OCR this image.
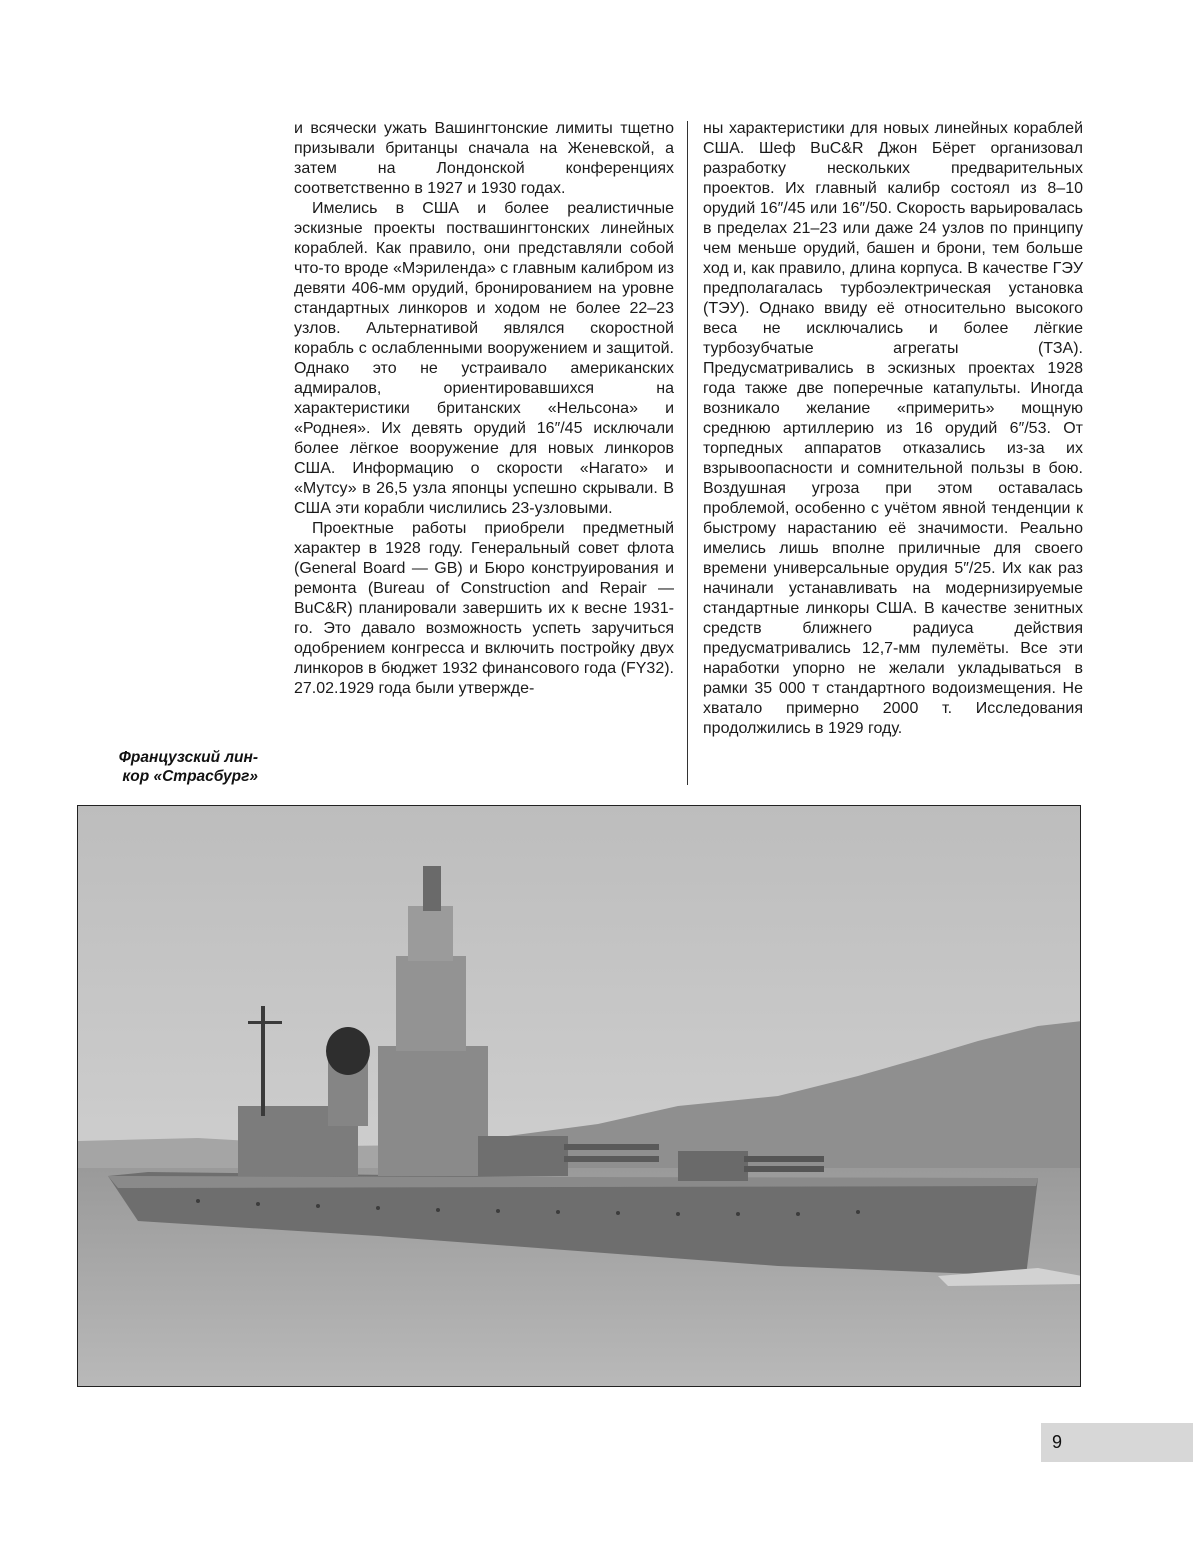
Французский лин-
кор «Страсбург»

и всячески ужать Вашингтонские лимиты тщетно призывали британцы сначала на Женевской, а затем на Лондонской конференциях соответственно в 1927 и 1930 годах.

Имелись в США и более реалистичные эскизные проекты поствашингтонских линейных кораблей. Как правило, они представляли собой что-то вроде «Мэриленда» с главным калибром из девяти 406-мм орудий, бронированием на уровне стандартных линкоров и ходом не более 22–23 узлов. Альтернативой являлся скоростной корабль с ослабленными вооружением и защитой. Однако это не устраивало американских адмиралов, ориентировавшихся на характеристики британских «Нельсона» и «Роднея». Их девять орудий 16″/45 исключали более лёгкое вооружение для новых линкоров США. Информацию о скорости «Нагато» и «Мутсу» в 26,5 узла японцы успешно скрывали. В США эти корабли числились 23-узловыми.

Проектные работы приобрели предметный характер в 1928 году. Генеральный совет флота (General Board — GB) и Бюро конструирования и ремонта (Bureau of Construction and Repair — BuC&R) планировали завершить их к весне 1931-го. Это давало возможность успеть заручиться одобрением конгресса и включить постройку двух линкоров в бюджет 1932 финансового года (FY32). 27.02.1929 года были утвержде-

ны характеристики для новых линейных кораблей США. Шеф BuC&R Джон Бёрет организовал разработку нескольких предварительных проектов. Их главный калибр состоял из 8–10 орудий 16″/45 или 16″/50. Скорость варьировалась в пределах 21–23 или даже 24 узлов по принципу чем меньше орудий, башен и брони, тем больше ход и, как правило, длина корпуса. В качестве ГЭУ предполагалась турбоэлектрическая установка (ТЭУ). Однако ввиду её относительно высокого веса не исключались и более лёгкие турбозубчатые агрегаты (ТЗА). Предусматривались в эскизных проектах 1928 года также две поперечные катапульты. Иногда возникало желание «примерить» мощную среднюю артиллерию из 16 орудий 6″/53. От торпедных аппаратов отказались из-за их взрывоопасности и сомнительной пользы в бою. Воздушная угроза при этом оставалась проблемой, особенно с учётом явной тенденции к быстрому нарастанию её значимости. Реально имелись лишь вполне приличные для своего времени универсальные орудия 5″/25. Их как раз начинали устанавливать на модернизируемые стандартные линкоры США. В качестве зенитных средств ближнего радиуса действия предусматривались 12,7-мм пулемёты. Все эти наработки упорно не желали укладываться в рамки 35 000 т стандартного водоизмещения. Не хватало примерно 2000 т. Исследования продолжились в 1929 году.

9
